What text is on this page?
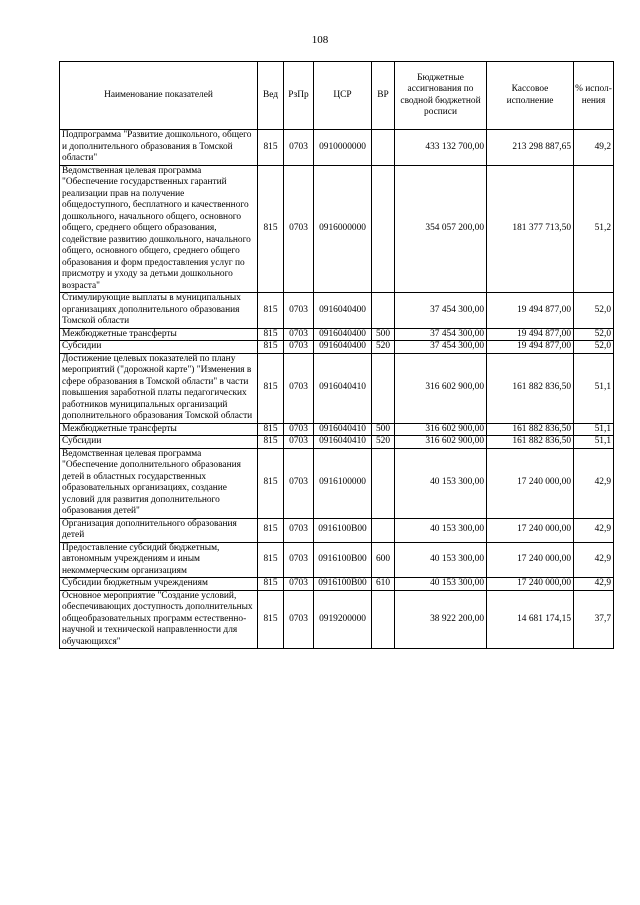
108
Наименование показателей	Вед	РзПр	ЦСР	ВР	Бюджетные ассигнования по сводной бюджетной росписи	Кассовое исполнение	% испол-нения
Подпрограмма "Развитие дошкольного, общего и дополнительного образования в Томской области"	815	0703	0910000000		433 132 700,00	213 298 887,65	49,2
Ведомственная целевая программа "Обеспечение государственных гарантий реализации прав на получение общедоступного, бесплатного и качественного дошкольного, начального общего, основного общего, среднего общего образования, содействие развитию дошкольного, начального общего, основного общего, среднего общего образования и форм предоставления услуг по присмотру и уходу за детьми дошкольного возраста"	815	0703	0916000000		354 057 200,00	181 377 713,50	51,2
Стимулирующие выплаты в муниципальных организациях дополнительного образования Томской области	815	0703	0916040400		37 454 300,00	19 494 877,00	52,0
Межбюджетные трансферты	815	0703	0916040400	500	37 454 300,00	19 494 877,00	52,0
Субсидии	815	0703	0916040400	520	37 454 300,00	19 494 877,00	52,0
Достижение целевых показателей по плану мероприятий ("дорожной карте") "Изменения в сфере образования в Томской области" в части повышения заработной платы педагогических работников муниципальных организаций дополнительного образования Томской области	815	0703	0916040410		316 602 900,00	161 882 836,50	51,1
Межбюджетные трансферты	815	0703	0916040410	500	316 602 900,00	161 882 836,50	51,1
Субсидии	815	0703	0916040410	520	316 602 900,00	161 882 836,50	51,1
Ведомственная целевая программа "Обеспечение дополнительного образования детей в областных государственных образовательных организациях, создание условий для развития дополнительного образования детей"	815	0703	0916100000		40 153 300,00	17 240 000,00	42,9
Организация дополнительного образования детей	815	0703	0916100В00		40 153 300,00	17 240 000,00	42,9
Предоставление субсидий бюджетным, автономным учреждениям и иным некоммерческим организациям	815	0703	0916100В00	600	40 153 300,00	17 240 000,00	42,9
Субсидии бюджетным учреждениям	815	0703	0916100В00	610	40 153 300,00	17 240 000,00	42,9
Основное мероприятие "Создание условий, обеспечивающих доступность дополнительных общеобразовательных программ естественно-научной и технической направленности для обучающихся"	815	0703	0919200000		38 922 200,00	14 681 174,15	37,7
